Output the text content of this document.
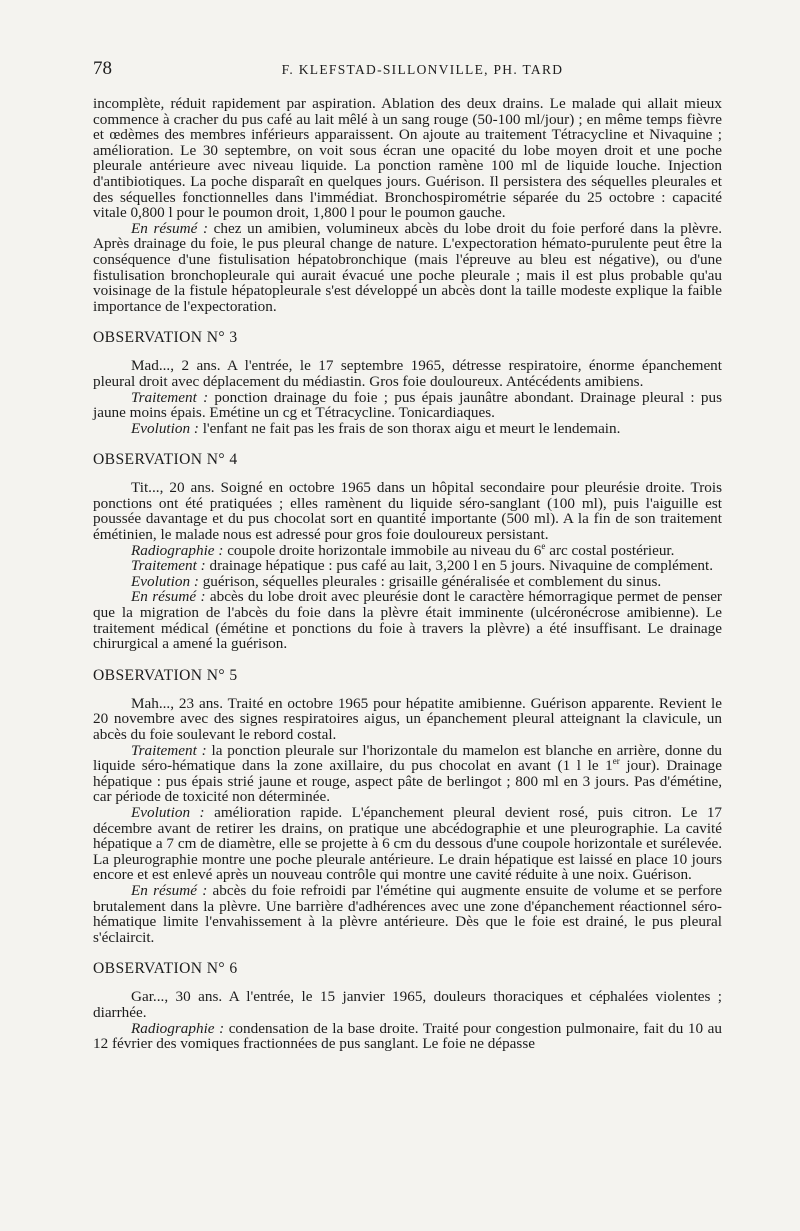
78	F. KLEFSTAD-SILLONVILLE, PH. TARD

incomplète, réduit rapidement par aspiration. Ablation des deux drains. Le malade qui allait mieux commence à cracher du pus café au lait mêlé à un sang rouge (50-100 ml/jour) ; en même temps fièvre et œdèmes des membres inférieurs apparaissent. On ajoute au traitement Tétracycline et Nivaquine ; amélioration. Le 30 septembre, on voit sous écran une opacité du lobe moyen droit et une poche pleurale antérieure avec niveau liquide. La ponction ramène 100 ml de liquide louche. Injection d'antibiotiques. La poche disparaît en quelques jours. Guérison. Il persistera des séquelles pleurales et des séquelles fonctionnelles dans l'immédiat. Bronchospirométrie séparée du 25 octobre : capacité vitale 0,800 l pour le poumon droit, 1,800 l pour le poumon gauche.

En résumé : chez un amibien, volumineux abcès du lobe droit du foie perforé dans la plèvre. Après drainage du foie, le pus pleural change de nature. L'expectoration hémato-purulente peut être la conséquence d'une fistulisation hépatobronchique (mais l'épreuve au bleu est négative), ou d'une fistulisation bronchopleurale qui aurait évacué une poche pleurale ; mais il est plus probable qu'au voisinage de la fistule hépatopleurale s'est développé un abcès dont la taille modeste explique la faible importance de l'expectoration.

OBSERVATION N° 3

Mad..., 2 ans. A l'entrée, le 17 septembre 1965, détresse respiratoire, énorme épanchement pleural droit avec déplacement du médiastin. Gros foie douloureux. Antécédents amibiens.

Traitement : ponction drainage du foie ; pus épais jaunâtre abondant. Drainage pleural : pus jaune moins épais. Emétine un cg et Tétracycline. Tonicardiaques.

Evolution : l'enfant ne fait pas les frais de son thorax aigu et meurt le lendemain.

OBSERVATION N° 4

Tit..., 20 ans. Soigné en octobre 1965 dans un hôpital secondaire pour pleurésie droite. Trois ponctions ont été pratiquées ; elles ramènent du liquide séro-sanglant (100 ml), puis l'aiguille est poussée davantage et du pus chocolat sort en quantité importante (500 ml). A la fin de son traitement émétinien, le malade nous est adressé pour gros foie douloureux persistant.

Radiographie : coupole droite horizontale immobile au niveau du 6e arc costal postérieur.

Traitement : drainage hépatique : pus café au lait, 3,200 l en 5 jours. Nivaquine de complément.

Evolution : guérison, séquelles pleurales : grisaille généralisée et comblement du sinus.

En résumé : abcès du lobe droit avec pleurésie dont le caractère hémorragique permet de penser que la migration de l'abcès du foie dans la plèvre était imminente (ulcéronécrose amibienne). Le traitement médical (émétine et ponctions du foie à travers la plèvre) a été insuffisant. Le drainage chirurgical a amené la guérison.

OBSERVATION N° 5

Mah..., 23 ans. Traité en octobre 1965 pour hépatite amibienne. Guérison apparente. Revient le 20 novembre avec des signes respiratoires aigus, un épanchement pleural atteignant la clavicule, un abcès du foie soulevant le rebord costal.

Traitement : la ponction pleurale sur l'horizontale du mamelon est blanche en arrière, donne du liquide séro-hématique dans la zone axillaire, du pus chocolat en avant (1 l le 1er jour). Drainage hépatique : pus épais strié jaune et rouge, aspect pâte de berlingot ; 800 ml en 3 jours. Pas d'émétine, car période de toxicité non déterminée.

Evolution : amélioration rapide. L'épanchement pleural devient rosé, puis citron. Le 17 décembre avant de retirer les drains, on pratique une abcédographie et une pleurographie. La cavité hépatique a 7 cm de diamètre, elle se projette à 6 cm du dessous d'une coupole horizontale et surélevée. La pleurographie montre une poche pleurale antérieure. Le drain hépatique est laissé en place 10 jours encore et est enlevé après un nouveau contrôle qui montre une cavité réduite à une noix. Guérison.

En résumé : abcès du foie refroidi par l'émétine qui augmente ensuite de volume et se perfore brutalement dans la plèvre. Une barrière d'adhérences avec une zone d'épanchement réactionnel séro-hématique limite l'envahissement à la plèvre antérieure. Dès que le foie est drainé, le pus pleural s'éclaircit.

OBSERVATION N° 6

Gar..., 30 ans. A l'entrée, le 15 janvier 1965, douleurs thoraciques et céphalées violentes ; diarrhée.

Radiographie : condensation de la base droite. Traité pour congestion pulmonaire, fait du 10 au 12 février des vomiques fractionnées de pus sanglant. Le foie ne dépasse
